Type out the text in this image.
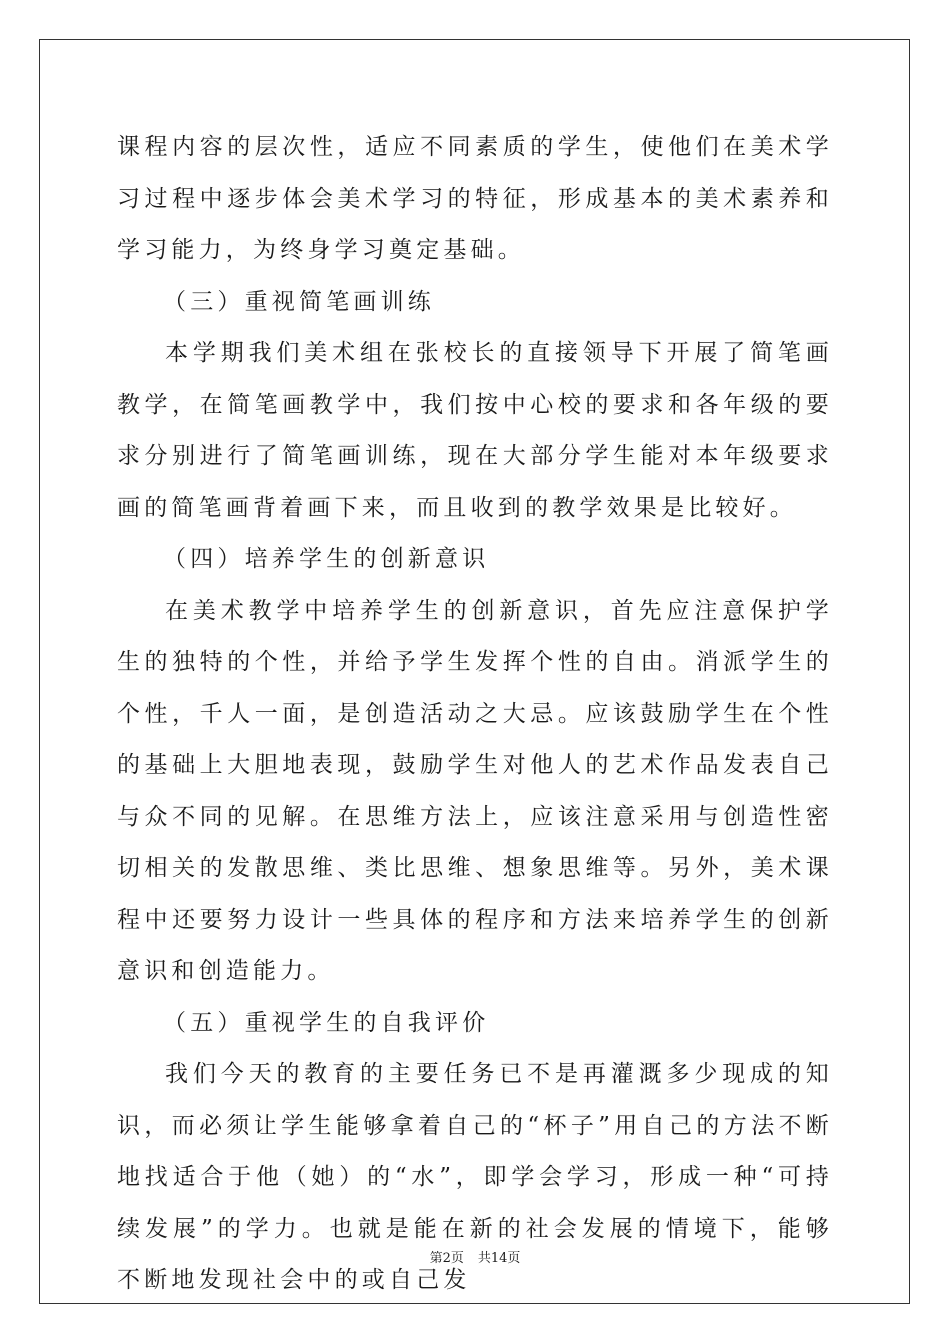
课程内容的层次性，适应不同素质的学生，使他们在美术学习过程中逐步体会美术学习的特征，形成基本的美术素养和学习能力，为终身学习奠定基础。

（三）重视简笔画训练

本学期我们美术组在张校长的直接领导下开展了简笔画教学，在简笔画教学中，我们按中心校的要求和各年级的要求分别进行了简笔画训练，现在大部分学生能对本年级要求画的简笔画背着画下来，而且收到的教学效果是比较好。

（四）培养学生的创新意识

在美术教学中培养学生的创新意识，首先应注意保护学生的独特的个性，并给予学生发挥个性的自由。消派学生的个性，千人一面，是创造活动之大忌。应该鼓励学生在个性的基础上大胆地表现，鼓励学生对他人的艺术作品发表自己与众不同的见解。在思维方法上，应该注意采用与创造性密切相关的发散思维、类比思维、想象思维等。另外，美术课程中还要努力设计一些具体的程序和方法来培养学生的创新意识和创造能力。

（五）重视学生的自我评价

我们今天的教育的主要任务已不是再灌溉多少现成的知识，而必须让学生能够拿着自己的“杯子”用自己的方法不断地找适合于他（她）的“水”，即学会学习，形成一种“可持续发展”的学力。也就是能在新的社会发展的情境下，能够不断地发现社会中的或自己发

第2页 共14页
